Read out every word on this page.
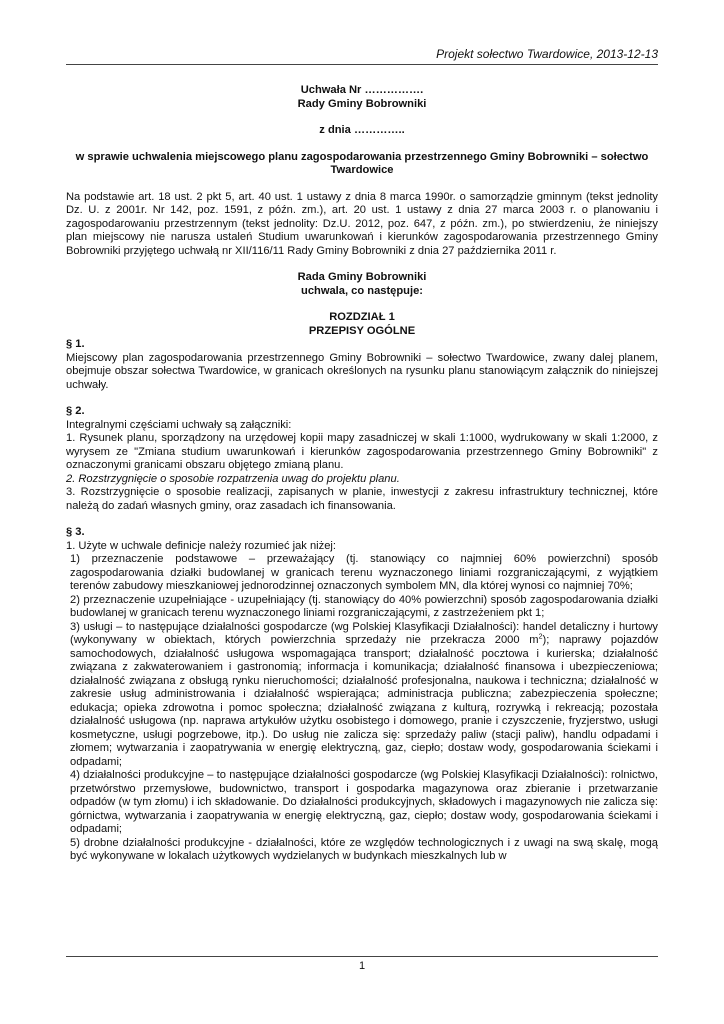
Projekt sołectwo Twardowice, 2013-12-13

Uchwała Nr …………….

Rady Gminy Bobrowniki

z dnia …………..

w sprawie uchwalenia miejscowego planu zagospodarowania przestrzennego Gminy Bobrowniki – sołectwo Twardowice

Na podstawie art. 18 ust. 2 pkt 5, art. 40 ust. 1 ustawy z dnia 8 marca 1990r. o samorządzie gminnym (tekst jednolity Dz. U. z 2001r. Nr 142, poz. 1591, z późn. zm.), art. 20 ust. 1 ustawy z dnia 27 marca 2003 r. o planowaniu i zagospodarowaniu przestrzennym (tekst jednolity: Dz.U. 2012, poz. 647, z późn. zm.), po stwierdzeniu, że niniejszy plan miejscowy nie narusza ustaleń Studium uwarunkowań i kierunków zagospodarowania przestrzennego Gminy Bobrowniki przyjętego uchwałą nr XII/116/11 Rady Gminy Bobrowniki z dnia 27 października 2011 r.

Rada Gminy Bobrowniki

uchwala, co następuje:

ROZDZIAŁ 1

PRZEPISY OGÓLNE

§ 1.

Miejscowy plan zagospodarowania przestrzennego Gminy Bobrowniki – sołectwo Twardowice, zwany dalej planem, obejmuje obszar sołectwa Twardowice, w granicach określonych na rysunku planu stanowiącym załącznik do niniejszej uchwały.

§ 2.

Integralnymi częściami uchwały są załączniki:

1. Rysunek planu, sporządzony na urzędowej kopii mapy zasadniczej w skali 1:1000, wydrukowany w skali 1:2000, z wyrysem ze "Zmiana studium uwarunkowań i kierunków zagospodarowania przestrzennego Gminy Bobrowniki" z oznaczonymi granicami obszaru objętego zmianą planu.

2. Rozstrzygnięcie o sposobie rozpatrzenia uwag do projektu planu.

3. Rozstrzygnięcie o sposobie realizacji, zapisanych w planie, inwestycji z zakresu infrastruktury technicznej, które należą do zadań własnych gminy, oraz zasadach ich finansowania.

§ 3.

1. Użyte w uchwale definicje należy rozumieć jak niżej:

1) przeznaczenie podstawowe – przeważający (tj. stanowiący co najmniej 60% powierzchni) sposób zagospodarowania działki budowlanej w granicach terenu wyznaczonego liniami rozgraniczającymi, z wyjątkiem terenów zabudowy mieszkaniowej jednorodzinnej oznaczonych symbolem MN, dla której wynosi co najmniej 70%;

2) przeznaczenie uzupełniające - uzupełniający (tj. stanowiący do 40% powierzchni) sposób zagospodarowania działki budowlanej w granicach terenu wyznaczonego liniami rozgraniczającymi, z zastrzeżeniem pkt 1;

3) usługi – to następujące działalności gospodarcze (wg Polskiej Klasyfikacji Działalności): handel detaliczny i hurtowy (wykonywany w obiektach, których powierzchnia sprzedaży nie przekracza 2000 $m^2$); naprawy pojazdów samochodowych, działalność usługowa wspomagająca transport; działalność pocztowa i kurierska; działalność związana z zakwaterowaniem i gastronomią; informacja i komunikacja; działalność finansowa i ubezpieczeniowa; działalność związana z obsługą rynku nieruchomości; działalność profesjonalna, naukowa i techniczna; działalność w zakresie usług administrowania i działalność wspierająca; administracja publiczna; zabezpieczenia społeczne; edukacja; opieka zdrowotna i pomoc społeczna; działalność związana z kulturą, rozrywką i rekreacją; pozostała działalność usługowa (np. naprawa artykułów użytku osobistego i domowego, pranie i czyszczenie, fryzjerstwo, usługi kosmetyczne, usługi pogrzebowe, itp.). Do usług nie zalicza się: sprzedaży paliw (stacji paliw), handlu odpadami i złomem; wytwarzania i zaopatrywania w energię elektryczną, gaz, ciepło; dostaw wody, gospodarowania ściekami i odpadami;

4) działalności produkcyjne – to następujące działalności gospodarcze (wg Polskiej Klasyfikacji Działalności): rolnictwo, przetwórstwo przemysłowe, budownictwo, transport i gospodarka magazynowa oraz zbieranie i przetwarzanie odpadów (w tym złomu) i ich składowanie. Do działalności produkcyjnych, składowych i magazynowych nie zalicza się: górnictwa, wytwarzania i zaopatrywania w energię elektryczną, gaz, ciepło; dostaw wody, gospodarowania ściekami i odpadami;

5) drobne działalności produkcyjne - działalności, które ze względów technologicznych i z uwagi na swą skalę, mogą być wykonywane w lokalach użytkowych wydzielanych w budynkach mieszkalnych lub w

1
